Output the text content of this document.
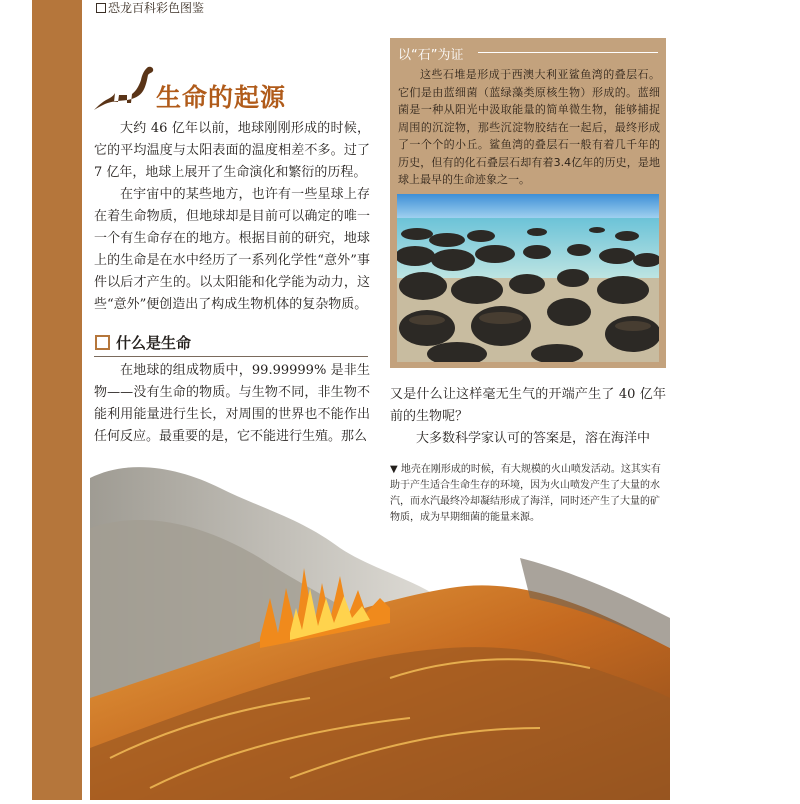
恐龙百科彩色图鉴
生命的起源

大约 46 亿年以前，地球刚刚形成的时候，它的平均温度与太阳表面的温度相差不多。过了 7 亿年，地球上展开了生命演化和繁衍的历程。

在宇宙中的某些地方，也许有一些星球上存在着生命物质，但地球却是目前可以确定的唯一一个有生命存在的地方。根据目前的研究，地球上的生命是在水中经历了一系列化学性“意外”事件以后才产生的。以太阳能和化学能为动力，这些“意外”便创造出了构成生物机体的复杂物质。

什么是生命

在地球的组成物质中，99.99999% 是非生物——没有生命的物质。与生物不同，非生物不能利用能量进行生长，对周围的世界也不能作出任何反应。最重要的是，它不能进行生殖。那么

以“石”为证
这些石堆是形成于西澳大利亚鲨鱼湾的叠层石。它们是由蓝细菌（蓝绿藻类原核生物）形成的。蓝细菌是一种从阳光中汲取能量的简单微生物，能够捕捉周围的沉淀物，那些沉淀物胶结在一起后，最终形成了一个个的小丘。鲨鱼湾的叠层石一般有着几千年的历史，但有的化石叠层石却有着3.4亿年的历史，是地球上最早的生命迹象之一。

又是什么让这样毫无生气的开端产生了 40 亿年前的生物呢？

大多数科学家认可的答案是，溶在海洋中

▼ 地壳在刚形成的时候，有大规模的火山喷发活动。这其实有助于产生适合生命生存的环境，因为火山喷发产生了大量的水汽，而水汽最终冷却凝结形成了海洋，同时还产生了大量的矿物质，成为早期细菌的能量来源。
